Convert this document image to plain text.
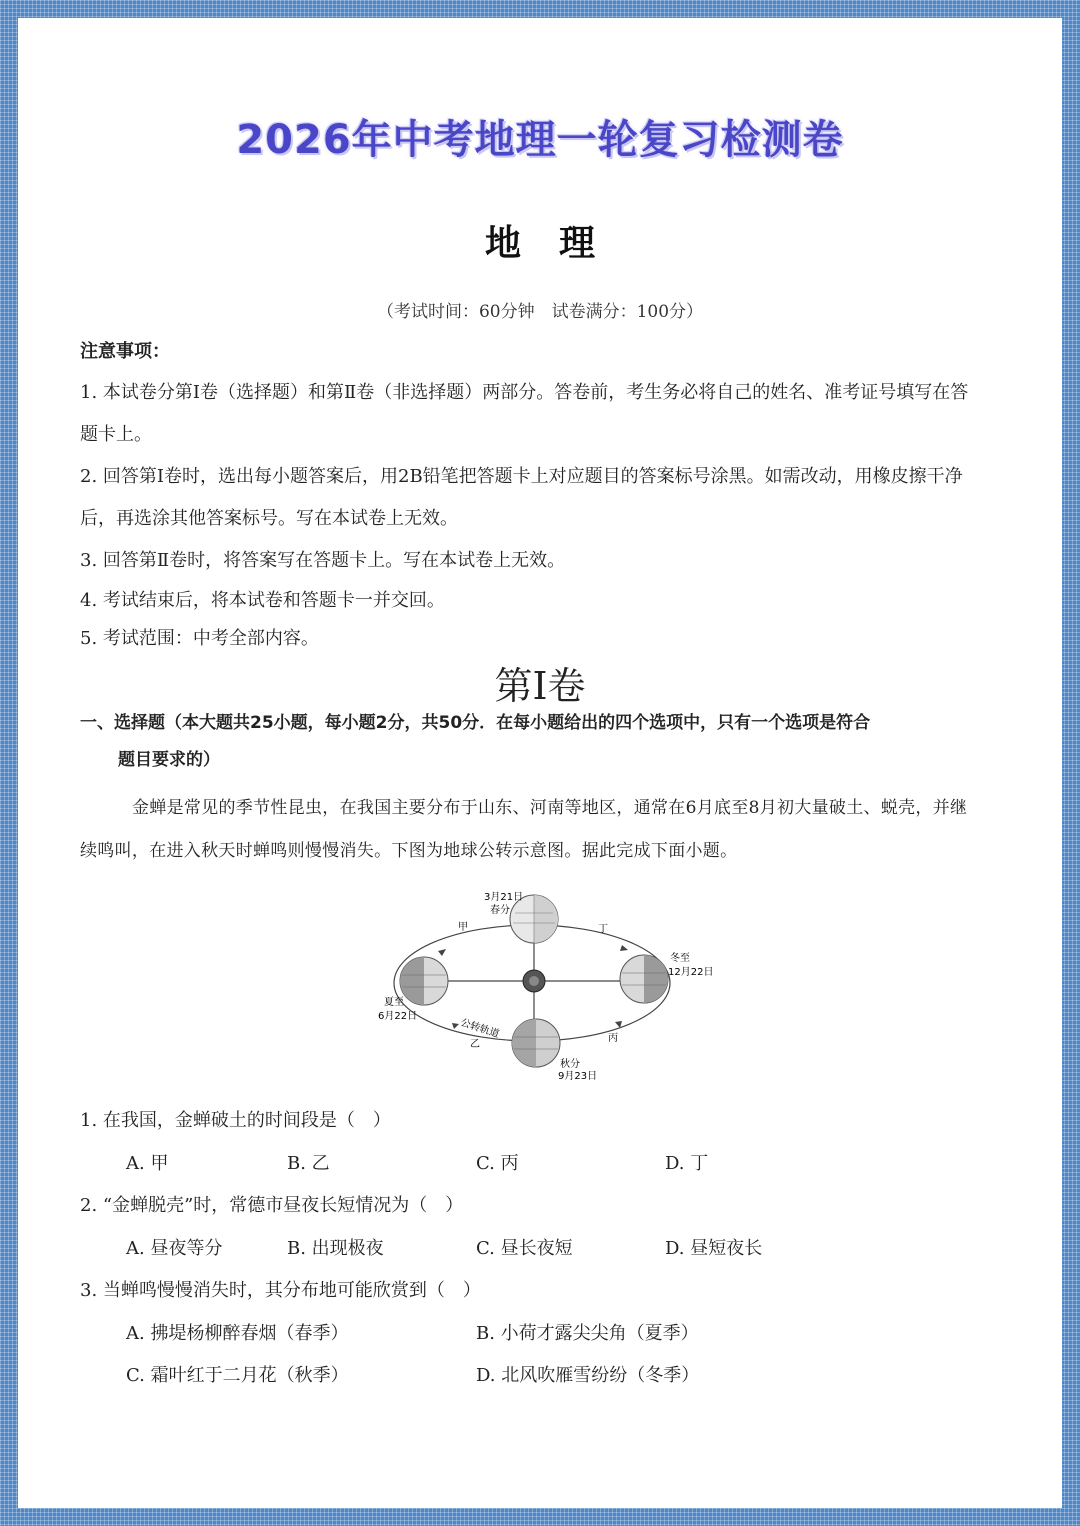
2026年中考地理一轮复习检测卷
地理
（考试时间：60分钟　试卷满分：100分）
注意事项：

1. 本试卷分第Ⅰ卷（选择题）和第Ⅱ卷（非选择题）两部分。答卷前，考生务必将自己的姓名、准考证号填写在答题卡上。

2. 回答第Ⅰ卷时，选出每小题答案后，用2B铅笔把答题卡上对应题目的答案标号涂黑。如需改动，用橡皮擦干净后，再选涂其他答案标号。写在本试卷上无效。

3. 回答第Ⅱ卷时，将答案写在答题卡上。写在本试卷上无效。

4. 考试结束后，将本试卷和答题卡一并交回。

5. 考试范围：中考全部内容。

第Ⅰ卷
一、选择题（本大题共25小题，每小题2分，共50分．在每小题给出的四个选项中，只有一个选项是符合
题目要求的）

金蝉是常见的季节性昆虫，在我国主要分布于山东、河南等地区，通常在6月底至8月初大量破土、蜕壳，并继续鸣叫，在进入秋天时蝉鸣则慢慢消失。下图为地球公转示意图。据此完成下面小题。

3月21日
春分
夏至
6月22日
冬至
12月22日
秋分
9月23日
甲	丁
乙
丙
公转轨道
1. 在我国，金蝉破土的时间段是（　）
A. 甲	B. 乙	C. 丙	D. 丁
2. “金蝉脱壳”时，常德市昼夜长短情况为（　）
A. 昼夜等分	B. 出现极夜	C. 昼长夜短	D. 昼短夜长
3. 当蝉鸣慢慢消失时，其分布地可能欣赏到（　）
A. 拂堤杨柳醉春烟（春季）	B. 小荷才露尖尖角（夏季）
C. 霜叶红于二月花（秋季）	D. 北风吹雁雪纷纷（冬季）
